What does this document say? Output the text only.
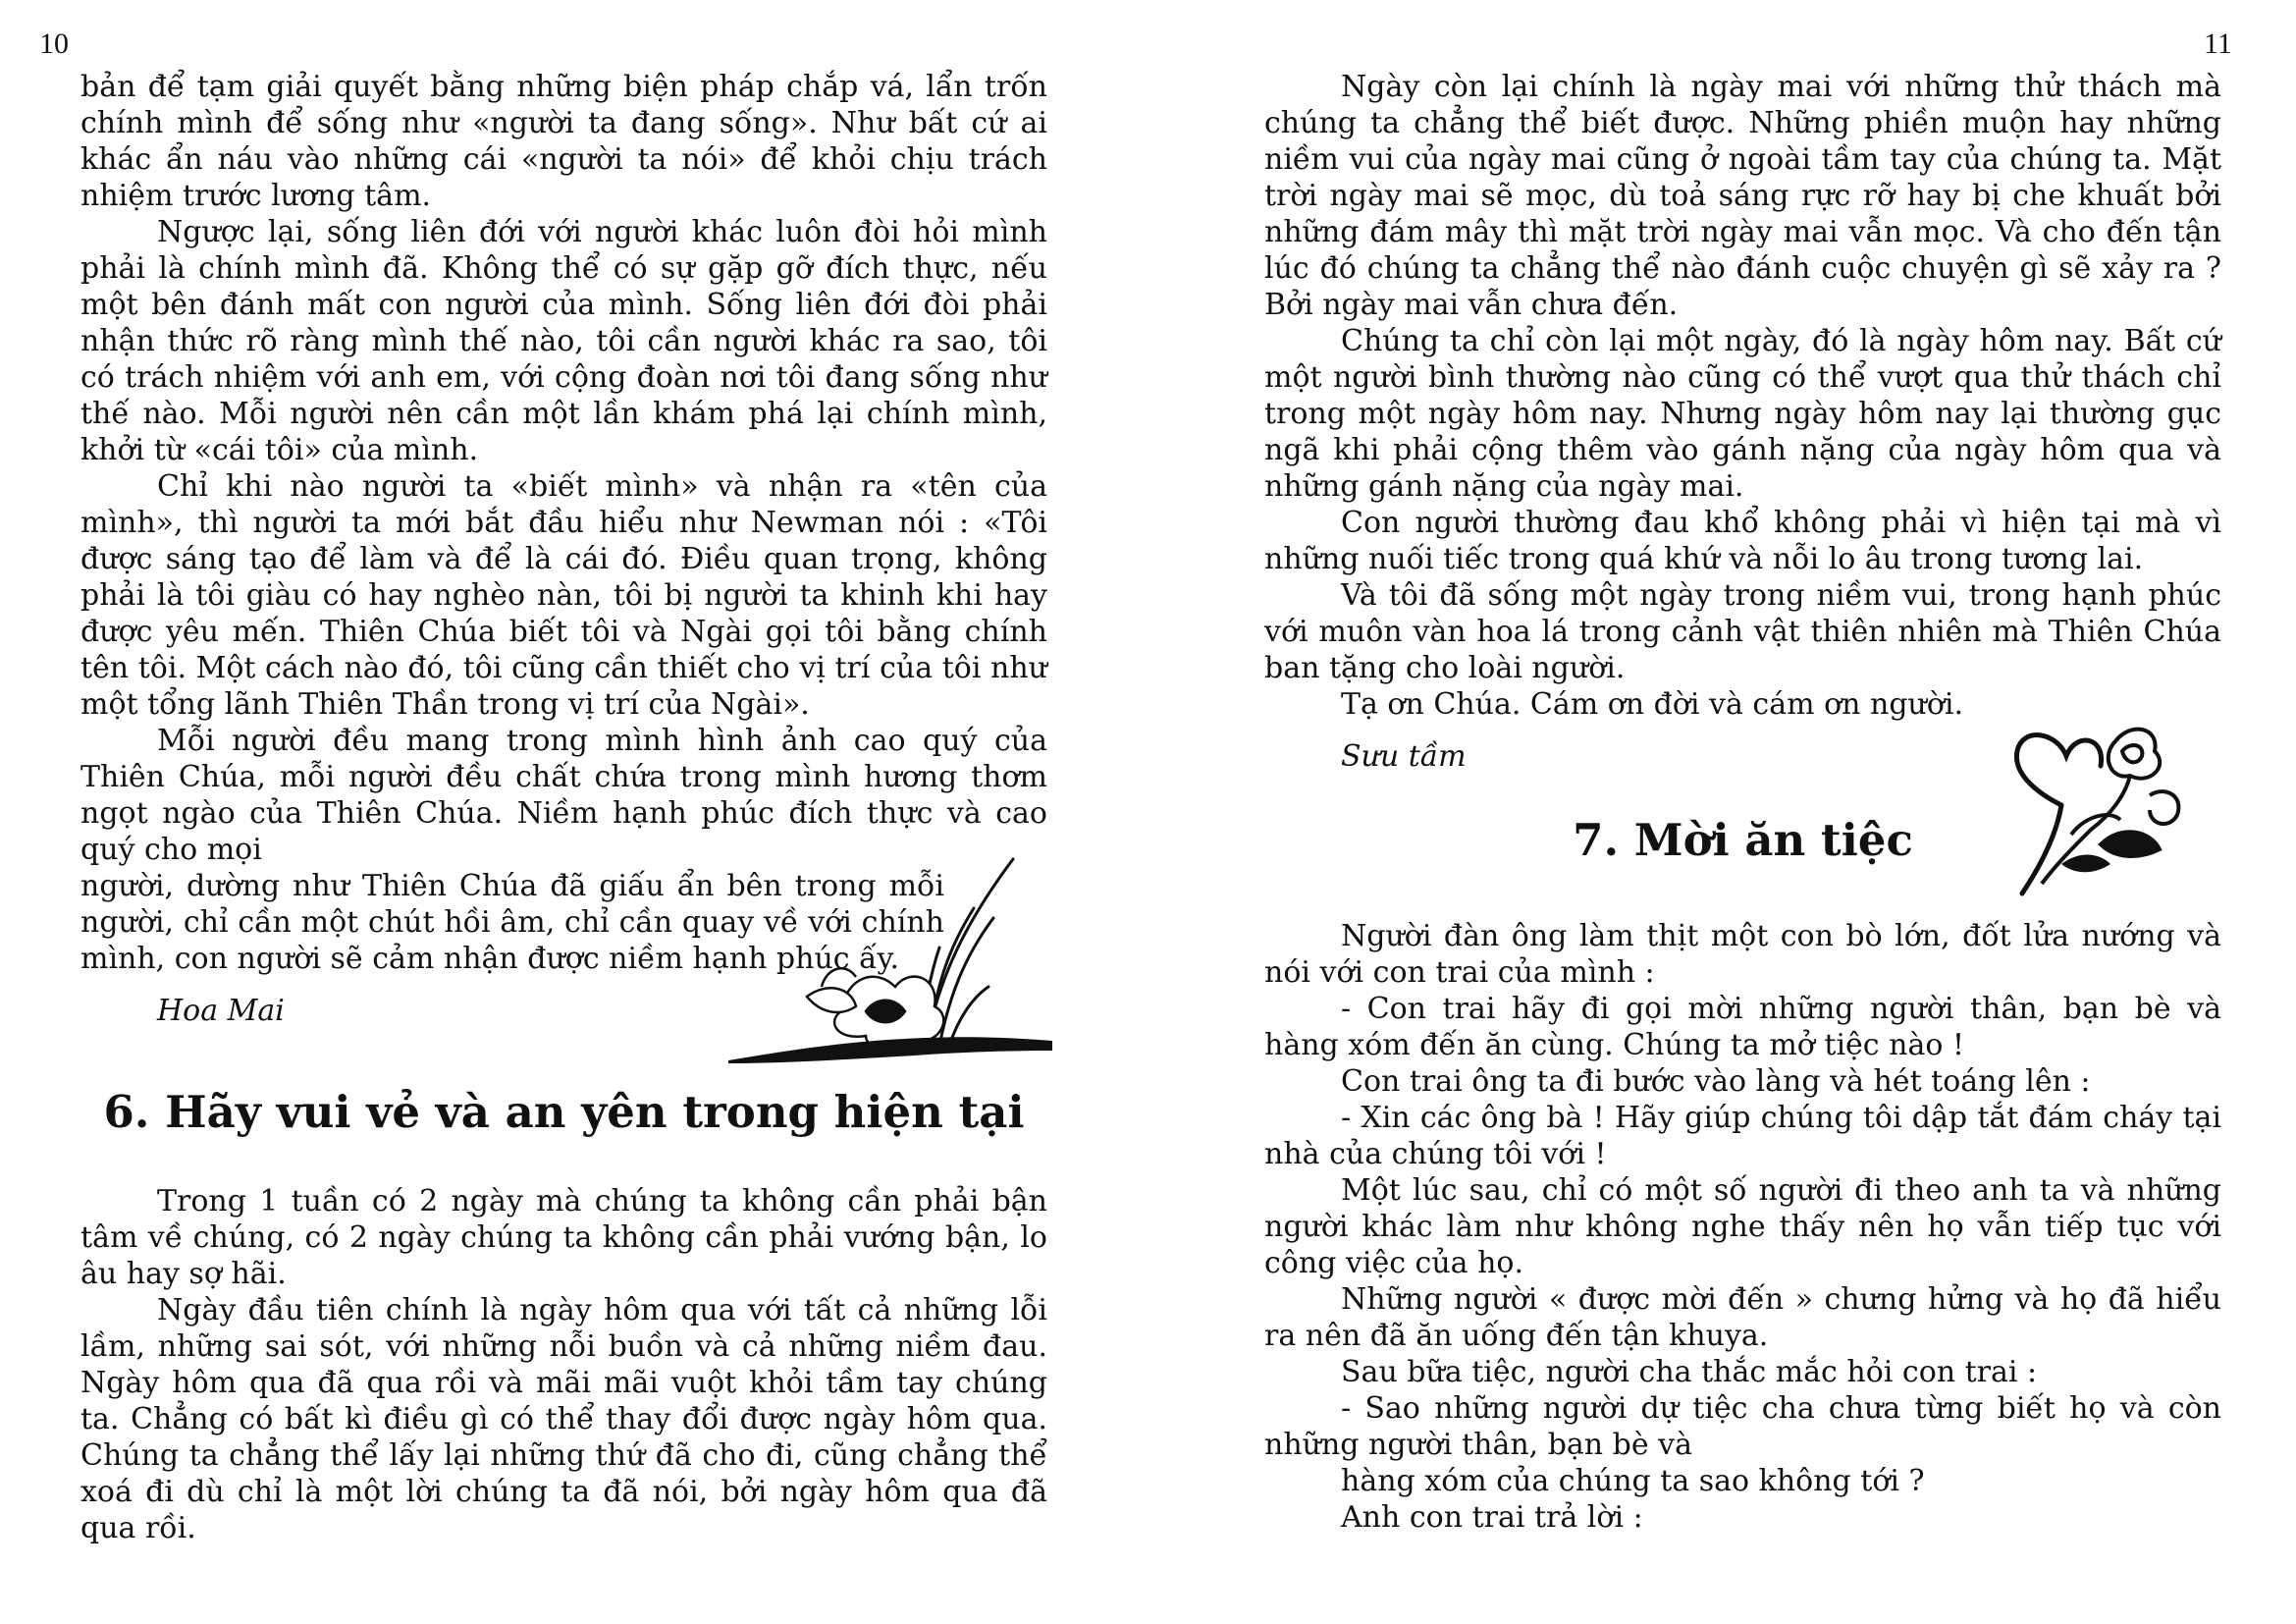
10	11

bản để tạm giải quyết bằng những biện pháp chắp vá, lẩn trốn chính mình để sống như «người ta đang sống». Như bất cứ ai khác ẩn náu vào những cái «người ta nói» để khỏi chịu trách nhiệm trước lương tâm.

Ngược lại, sống liên đới với người khác luôn đòi hỏi mình phải là chính mình đã. Không thể có sự gặp gỡ đích thực, nếu một bên đánh mất con người của mình. Sống liên đới đòi phải nhận thức rõ ràng mình thế nào, tôi cần người khác ra sao, tôi có trách nhiệm với anh em, với cộng đoàn nơi tôi đang sống như thế nào. Mỗi người nên cần một lần khám phá lại chính mình, khởi từ «cái tôi» của mình.

Chỉ khi nào người ta «biết mình» và nhận ra «tên của mình», thì người ta mới bắt đầu hiểu như Newman nói : «Tôi được sáng tạo để làm và để là cái đó. Điều quan trọng, không phải là tôi giàu có hay nghèo nàn, tôi bị người ta khinh khi hay được yêu mến. Thiên Chúa biết tôi và Ngài gọi tôi bằng chính tên tôi. Một cách nào đó, tôi cũng cần thiết cho vị trí của tôi như một tổng lãnh Thiên Thần trong vị trí của Ngài».

Mỗi người đều mang trong mình hình ảnh cao quý của Thiên Chúa, mỗi người đều chất chứa trong mình hương thơm ngọt ngào của Thiên Chúa. Niềm hạnh phúc đích thực và cao quý cho mọi

người, dường như Thiên Chúa đã giấu ẩn bên trong mỗi người, chỉ cần một chút hồi âm, chỉ cần quay về với chính mình, con người sẽ cảm nhận được niềm hạnh phúc ấy.

Hoa Mai

6. Hãy vui vẻ và an yên trong hiện tại

Trong 1 tuần có 2 ngày mà chúng ta không cần phải bận tâm về chúng, có 2 ngày chúng ta không cần phải vướng bận, lo âu hay sợ hãi.

Ngày đầu tiên chính là ngày hôm qua với tất cả những lỗi lầm, những sai sót, với những nỗi buồn và cả những niềm đau. Ngày hôm qua đã qua rồi và mãi mãi vuột khỏi tầm tay chúng ta. Chẳng có bất kì điều gì có thể thay đổi được ngày hôm qua. Chúng ta chẳng thể lấy lại những thứ đã cho đi, cũng chẳng thể xoá đi dù chỉ là một lời chúng ta đã nói, bởi ngày hôm qua đã qua rồi.

Ngày còn lại chính là ngày mai với những thử thách mà chúng ta chẳng thể biết được. Những phiền muộn hay những niềm vui của ngày mai cũng ở ngoài tầm tay của chúng ta. Mặt trời ngày mai sẽ mọc, dù toả sáng rực rỡ hay bị che khuất bởi những đám mây thì mặt trời ngày mai vẫn mọc. Và cho đến tận lúc đó chúng ta chẳng thể nào đánh cuộc chuyện gì sẽ xảy ra ? Bởi ngày mai vẫn chưa đến.

Chúng ta chỉ còn lại một ngày, đó là ngày hôm nay. Bất cứ một người bình thường nào cũng có thể vượt qua thử thách chỉ trong một ngày hôm nay. Nhưng ngày hôm nay lại thường gục ngã khi phải cộng thêm vào gánh nặng của ngày hôm qua và những gánh nặng của ngày mai.

Con người thường đau khổ không phải vì hiện tại mà vì những nuối tiếc trong quá khứ và nỗi lo âu trong tương lai.

Và tôi đã sống một ngày trong niềm vui, trong hạnh phúc với muôn vàn hoa lá trong cảnh vật thiên nhiên mà Thiên Chúa ban tặng cho loài người.

Tạ ơn Chúa. Cám ơn đời và cám ơn người.

Sưu tầm

7. Mời ăn tiệc

Người đàn ông làm thịt một con bò lớn, đốt lửa nướng và nói với con trai của mình :

- Con trai hãy đi gọi mời những người thân, bạn bè và hàng xóm đến ăn cùng. Chúng ta mở tiệc nào !

Con trai ông ta đi bước vào làng và hét toáng lên :

- Xin các ông bà ! Hãy giúp chúng tôi dập tắt đám cháy tại nhà của chúng tôi với !

Một lúc sau, chỉ có một số người đi theo anh ta và những người khác làm như không nghe thấy nên họ vẫn tiếp tục với công việc của họ.

Những người « được mời đến » chưng hửng và họ đã hiểu ra nên đã ăn uống đến tận khuya.

Sau bữa tiệc, người cha thắc mắc hỏi con trai :

- Sao những người dự tiệc cha chưa từng biết họ và còn những người thân, bạn bè và

hàng xóm của chúng ta sao không tới ?

Anh con trai trả lời :
